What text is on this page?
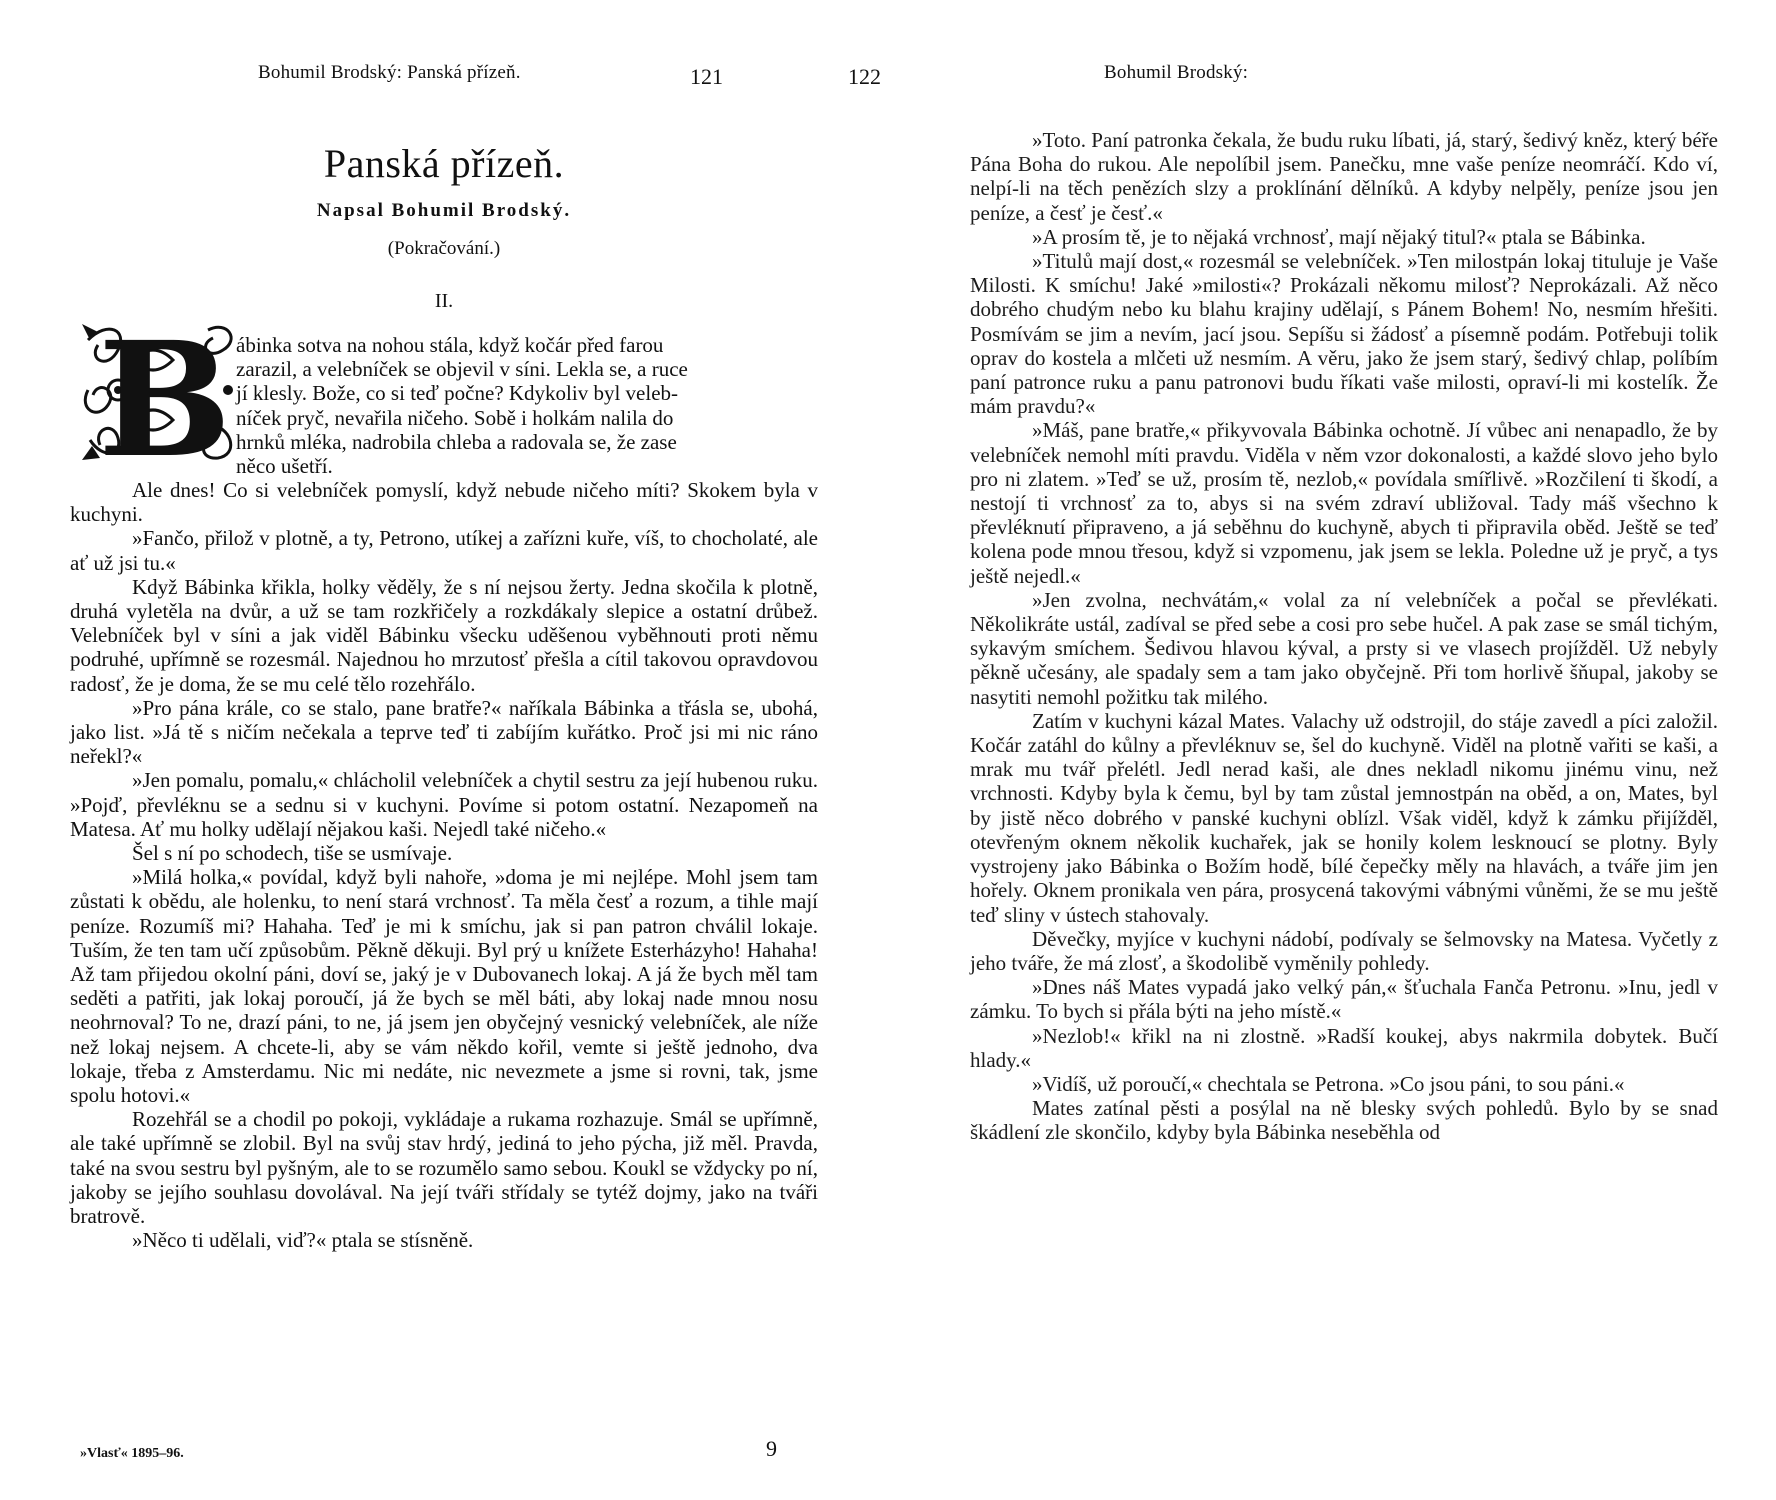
Bohumil Brodský: Panská přízeň.	121
Panská přízeň.
Napsal Bohumil Brodský.
(Pokračování.)
II.
B ábinka sotva na nohou stála, když kočár před farou
zarazil, a velebníček se objevil v síni. Lekla se, a ruce
jí klesly. Bože, co si teď počne? Kdykoliv byl veleb-
níček pryč, nevařila ničeho. Sobě i holkám nalila do
hrnků mléka, nadrobila chleba a radovala se, že zase
něco ušetří.

Ale dnes! Co si velebníček pomyslí, když nebude ničeho míti? Skokem byla v kuchyni.

»Fančo, přilož v plotně, a ty, Petrono, utíkej a zařízni kuře, víš, to chocholaté, ale ať už jsi tu.«

Když Bábinka křikla, holky věděly, že s ní nejsou žerty. Jedna skočila k plotně, druhá vyletěla na dvůr, a už se tam rozkřičely a rozkdákaly slepice a ostatní drůbež. Velebníček byl v síni a jak viděl Bábinku všecku uděšenou vyběhnouti proti němu podruhé, upřímně se rozesmál. Najednou ho mrzutosť přešla a cítil takovou opravdovou radosť, že je doma, že se mu celé tělo rozehřálo.

»Pro pána krále, co se stalo, pane bratře?« naříkala Bábinka a třásla se, ubohá, jako list. »Já tě s ničím nečekala a teprve teď ti zabíjím kuřátko. Proč jsi mi nic ráno neřekl?«

»Jen pomalu, pomalu,« chlácholil velebníček a chytil sestru za její hubenou ruku. »Pojď, převléknu se a sednu si v kuchyni. Povíme si potom ostatní. Nezapomeň na Matesa. Ať mu holky udělají nějakou kaši. Nejedl také ničeho.«

Šel s ní po schodech, tiše se usmívaje.

»Milá holka,« povídal, když byli nahoře, »doma je mi nejlépe. Mohl jsem tam zůstati k obědu, ale holenku, to není stará vrchnosť. Ta měla česť a rozum, a tihle mají peníze. Rozumíš mi? Hahaha. Teď je mi k smíchu, jak si pan patron chválil lokaje. Tuším, že ten tam učí způsobům. Pěkně děkuji. Byl prý u knížete Esterházyho! Hahaha! Až tam přijedou okolní páni, doví se, jaký je v Dubovanech lokaj. A já že bych měl tam seděti a patřiti, jak lokaj poroučí, já že bych se měl báti, aby lokaj nade mnou nosu neohrnoval? To ne, drazí páni, to ne, já jsem jen obyčejný vesnický velebníček, ale níže než lokaj nejsem. A chcete-li, aby se vám někdo kořil, vemte si ještě jednoho, dva lokaje, třeba z Amsterdamu. Nic mi nedáte, nic nevezmete a jsme si rovni, tak, jsme spolu hotovi.«

Rozehřál se a chodil po pokoji, vykládaje a rukama rozhazuje. Smál se upřímně, ale také upřímně se zlobil. Byl na svůj stav hrdý, jediná to jeho pýcha, již měl. Pravda, také na svou sestru byl pyšným, ale to se rozumělo samo sebou. Koukl se vždycky po ní, jakoby se jejího souhlasu dovolával. Na její tváři střídaly se tytéž dojmy, jako na tváři bratrově.

»Něco ti udělali, viď?« ptala se stísněně.

»Vlasť« 1895–96.	9
122	Bohumil Brodský:

»Toto. Paní patronka čekala, že budu ruku líbati, já, starý, šedivý kněz, který béře Pána Boha do rukou. Ale nepolíbil jsem. Panečku, mne vaše peníze neomráčí. Kdo ví, nelpí-li na těch penězích slzy a proklínání dělníků. A kdyby nelpěly, peníze jsou jen peníze, a česť je česť.«

»A prosím tě, je to nějaká vrchnosť, mají nějaký titul?« ptala se Bábinka.

»Titulů mají dost,« rozesmál se velebníček. »Ten milostpán lokaj tituluje je Vaše Milosti. K smíchu! Jaké »milosti«? Prokázali někomu milosť? Neprokázali. Až něco dobrého chudým nebo ku blahu krajiny udělají, s Pánem Bohem! No, nesmím hřešiti. Posmívám se jim a nevím, jací jsou. Sepíšu si žádosť a písemně podám. Potřebuji tolik oprav do kostela a mlčeti už nesmím. A věru, jako že jsem starý, šedivý chlap, políbím paní patronce ruku a panu patronovi budu říkati vaše milosti, opraví-li mi kostelík. Že mám pravdu?«

»Máš, pane bratře,« přikyvovala Bábinka ochotně. Jí vůbec ani nenapadlo, že by velebníček nemohl míti pravdu. Viděla v něm vzor dokonalosti, a každé slovo jeho bylo pro ni zlatem. »Teď se už, prosím tě, nezlob,« povídala smířlivě. »Rozčilení ti škodí, a nestojí ti vrchnosť za to, abys si na svém zdraví ubližoval. Tady máš všechno k převléknutí připraveno, a já seběhnu do kuchyně, abych ti připravila oběd. Ještě se teď kolena pode mnou třesou, když si vzpomenu, jak jsem se lekla. Poledne už je pryč, a tys ještě nejedl.«

»Jen zvolna, nechvátám,« volal za ní velebníček a počal se převlékati. Několikráte ustál, zadíval se před sebe a cosi pro sebe hučel. A pak zase se smál tichým, sykavým smíchem. Šedivou hlavou kýval, a prsty si ve vlasech projížděl. Už nebyly pěkně učesány, ale spadaly sem a tam jako obyčejně. Při tom horlivě šňupal, jakoby se nasytiti nemohl požitku tak milého.

Zatím v kuchyni kázal Mates. Valachy už odstrojil, do stáje zavedl a píci založil. Kočár zatáhl do kůlny a převléknuv se, šel do kuchyně. Viděl na plotně vařiti se kaši, a mrak mu tvář přelétl. Jedl nerad kaši, ale dnes nekladl nikomu jinému vinu, než vrchnosti. Kdyby byla k čemu, byl by tam zůstal jemnostpán na oběd, a on, Mates, byl by jistě něco dobrého v panské kuchyni oblízl. Však viděl, když k zámku přijížděl, otevřeným oknem několik kuchařek, jak se honily kolem lesknoucí se plotny. Byly vystrojeny jako Bábinka o Božím hodě, bílé čepečky měly na hlavách, a tváře jim jen hořely. Oknem pronikala ven pára, prosycená takovými vábnými vůněmi, že se mu ještě teď sliny v ústech stahovaly.

Děvečky, myjíce v kuchyni nádobí, podívaly se šelmovsky na Matesa. Vyčetly z jeho tváře, že má zlosť, a škodolibě vyměnily pohledy.

»Dnes náš Mates vypadá jako velký pán,« šťuchala Fanča Petronu. »Inu, jedl v zámku. To bych si přála býti na jeho místě.«

»Nezlob!« křikl na ni zlostně. »Radší koukej, abys nakrmila dobytek. Bučí hlady.«

»Vidíš, už poroučí,« chechtala se Petrona. »Co jsou páni, to sou páni.«

Mates zatínal pěsti a posýlal na ně blesky svých pohledů. Bylo by se snad škádlení zle skončilo, kdyby byla Bábinka neseběhla od
